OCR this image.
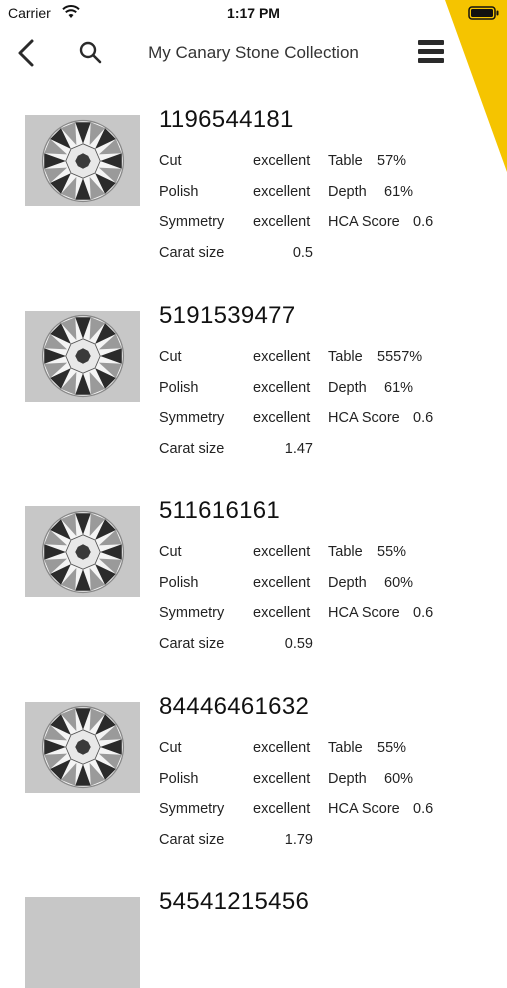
Carrier	1:17 PM
My Canary Stone Collection
1196544181
Cut	excellent Table 57%
Polish	excellent Depth 61%
Symmetry excellent HCA Score 0.6
Carat size	0.5
5191539477
Cut	excellent Table 5557%
Polish	excellent Depth 61%
Symmetry excellent HCA Score 0.6
Carat size	1.47
511616161
Cut	excellent Table 55%
Polish	excellent Depth 60%
Symmetry excellent HCA Score 0.6
Carat size	0.59
84446461632
Cut	excellent Table 55%
Polish	excellent Depth 60%
Symmetry excellent HCA Score 0.6
Carat size	1.79
54541215456
